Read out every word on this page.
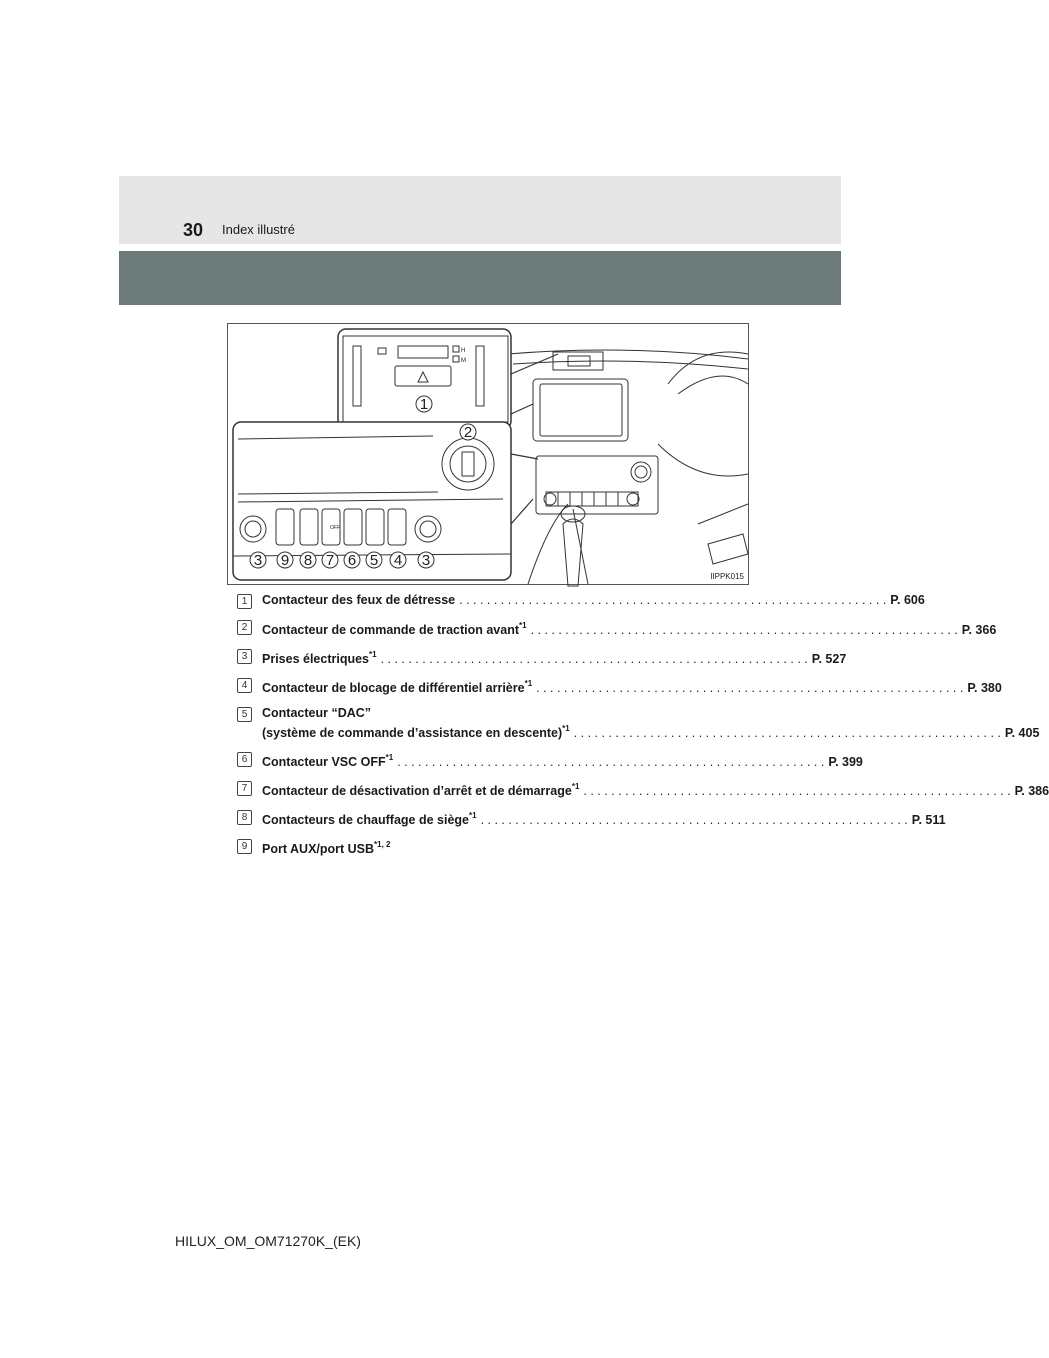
30 Index illustré
H
M
OFF
1
2
3 9 8 7 6 5 4 3
IIPPK015
1	Contacteur des feux de détresse . . .	P. 606
2	Contacteur de commande de traction avant$^{*1}$ . . .	P. 366
3	Prises électriques$^{*1}$ . . .	P. 527
4	Contacteur de blocage de différentiel arrière$^{*1}$ . . .	P. 380
5	Contacteur “DAC”
(système de commande d’assistance en descente)$^{*1}$ . . .	P. 405
6	Contacteur VSC OFF$^{*1}$ . . .	P. 399
7	Contacteur de désactivation d’arrêt et de démarrage$^{*1}$ . . .	P. 386
8	Contacteurs de chauffage de siège$^{*1}$ . . .	P. 511
9	Port AUX/port USB$^{*1, 2}$
HILUX_OM_OM71270K_(EK)
